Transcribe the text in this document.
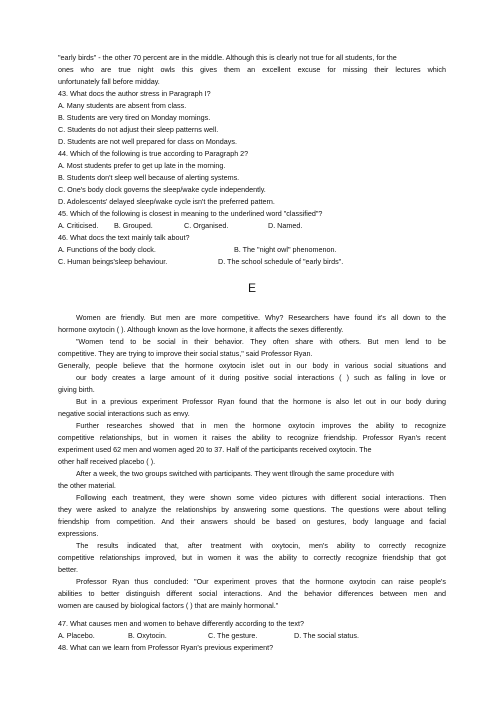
"early birds" - the other 70 percent are in the middle. Although this is clearly not true for all students, for the
ones who are true night owls this gives them an excellent excuse for missing their lectures which
unfortunately fall before midday.
43. What docs the author stress in Paragraph I?
A. Many students are absent from class.
B. Students are very tired on Monday mornings.
C. Students do not adjust their sleep patterns well.
D. Students are not well prepared for class on Mondays.
44. Which of the following is true according to Paragraph 2?
A. Most students prefer to get up late in the morning.
B. Students don't sleep well because of alerting systems.
C. One's body clock governs the sleep/wake cycle independently.
D. Adolescents' delayed sleep/wake cycle isn't the preferred pattern.
45. Which of the following is closest in meaning to the underlined word "classified"?
A. Criticised.	B. Grouped.	C. Organised.	D. Named.
46. What docs the text mainly talk about?
A. Functions of the body clock.	B. The "night owl" phenomenon.
C. Human beings'sleep behaviour.	D. The school schedule of "early birds".
E
Women are friendly. But men are more competitive. Why? Researchers have found it's all down to the
hormone oxytocin ( ). Although known as the love hormone, it affects the sexes differently.
"Women tend to be social in their behavior. They often share with others. But men lend to be
competitive. They are trying to improve their social status," said Professor Ryan.
Generally, people believe that the hormone oxytocin islet out in our body in various social situations and
our body creates a large amount of it during positive social interactions ( ) such as falling in love or
giving birth.
But in a previous experiment Professor Ryan found that the hormone is also let out in our body during
negative social interactions such as envy.
Further researches showed that in men the hormone oxytocin improves the ability to recognize
competitive relationships, but in women it raises the ability to recognize friendship. Professor Ryan's recent
experiment used 62 men and women aged 20 to 37. Half of the participants received oxytocin. The
other half received placebo ( ).
After a week, the two groups switched with participants. They went tllrough the same procedure with
the other material.
Following each treatment, they were shown some video pictures with different social interactions. Then
they were asked to analyze the relationships by answering some questions. The questions were about telling
friendship from competition. And their answers should be based on gestures, body language and facial
expressions.
The results indicated that, after treatment with oxytocin, men's ability to correctly recognize
competitive relationships improved, but in women it was the ability to correctly recognize friendship that got
better.
Professor Ryan thus concluded: "Our experiment proves that the hormone oxytocin can raise people's
abilities to better distinguish different social interactions. And the behavior differences between men and
women are caused by biological factors ( ) that are mainly hormonal."
47. What causes men and women to behave differently according to the text?
A. Placebo.	B. Oxytocin.	C. The gesture.	D. The social status.
48. What can we learn from Professor Ryan's previous experiment?
